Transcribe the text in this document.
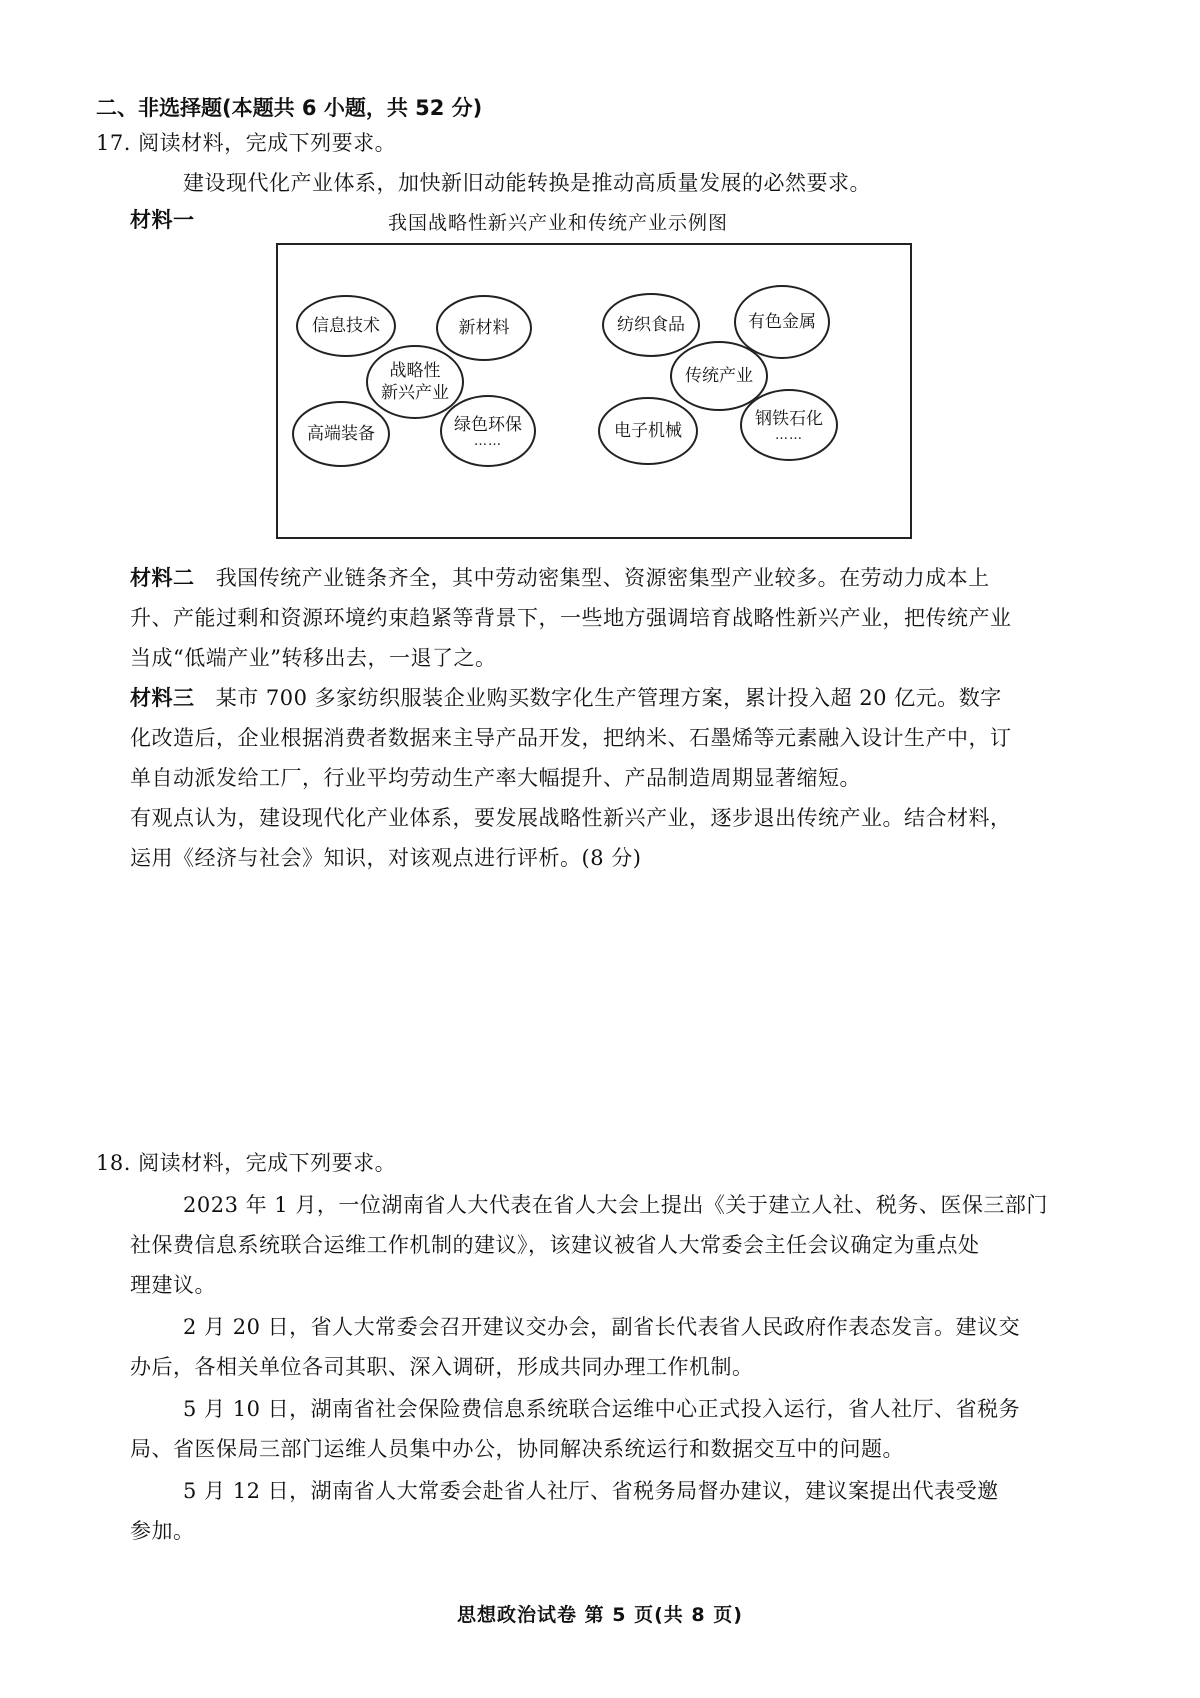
二、非选择题(本题共 6 小题，共 52 分)
17. 阅读材料，完成下列要求。
建设现代化产业体系，加快新旧动能转换是推动高质量发展的必然要求。
材料一	我国战略性新兴产业和传统产业示例图
信息技术	新材料
战略性
新兴产业
高端装备	绿色环保
……
纺织食品	有色金属
传统产业
电子机械
钢铁石化
……
材料二 我国传统产业链条齐全，其中劳动密集型、资源密集型产业较多。在劳动力成本上
升、产能过剩和资源环境约束趋紧等背景下，一些地方强调培育战略性新兴产业，把传统产业
当成“低端产业”转移出去，一退了之。
材料三 某市 700 多家纺织服装企业购买数字化生产管理方案，累计投入超 20 亿元。数字
化改造后，企业根据消费者数据来主导产品开发，把纳米、石墨烯等元素融入设计生产中，订
单自动派发给工厂，行业平均劳动生产率大幅提升、产品制造周期显著缩短。
有观点认为，建设现代化产业体系，要发展战略性新兴产业，逐步退出传统产业。结合材料，
运用《经济与社会》知识，对该观点进行评析。(8 分)
18. 阅读材料，完成下列要求。
2023 年 1 月，一位湖南省人大代表在省人大会上提出《关于建立人社、税务、医保三部门
社保费信息系统联合运维工作机制的建议》，该建议被省人大常委会主任会议确定为重点处
理建议。
2 月 20 日，省人大常委会召开建议交办会，副省长代表省人民政府作表态发言。建议交
办后，各相关单位各司其职、深入调研，形成共同办理工作机制。
5 月 10 日，湖南省社会保险费信息系统联合运维中心正式投入运行，省人社厅、省税务
局、省医保局三部门运维人员集中办公，协同解决系统运行和数据交互中的问题。
5 月 12 日，湖南省人大常委会赴省人社厅、省税务局督办建议，建议案提出代表受邀
参加。
思想政治试卷 第 5 页(共 8 页)
